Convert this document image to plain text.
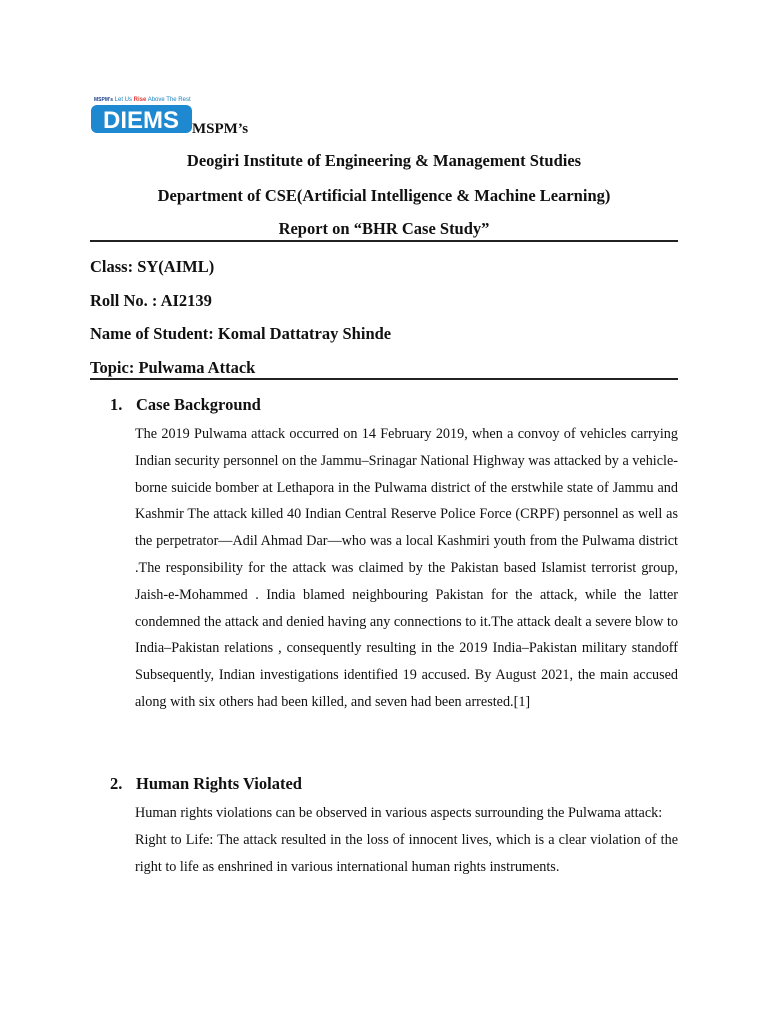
MSPM's Let Us Rise Above The Rest
DIEMS MSPM’s
Deogiri Institute of Engineering & Management Studies
Department of CSE(Artificial Intelligence & Machine Learning)
Report on “BHR Case Study”
Class: SY(AIML)
Roll No. : AI2139
Name of Student: Komal Dattatray Shinde
Topic: Pulwama Attack
1. Case Background
The 2019 Pulwama attack occurred on 14 February 2019, when a convoy of vehicles carrying Indian security personnel on the Jammu–Srinagar National Highway was attacked by a vehicle-borne suicide bomber at Lethapora in the Pulwama district of the erstwhile state of Jammu and Kashmir The attack killed 40 Indian Central Reserve Police Force (CRPF) personnel as well as the perpetrator—Adil Ahmad Dar—who was a local Kashmiri youth from the Pulwama district .The responsibility for the attack was claimed by the Pakistan based Islamist terrorist group, Jaish-e-Mohammed . India blamed neighbouring Pakistan for the attack, while the latter condemned the attack and denied having any connections to it.The attack dealt a severe blow to India–Pakistan relations , consequently resulting in the 2019 India–Pakistan military standoff Subsequently, Indian investigations identified 19 accused. By August 2021, the main accused along with six others had been killed, and seven had been arrested.[1]
2. Human Rights Violated
Human rights violations can be observed in various aspects surrounding the Pulwama attack:
Right to Life: The attack resulted in the loss of innocent lives, which is a clear violation of the right to life as enshrined in various international human rights instruments.
